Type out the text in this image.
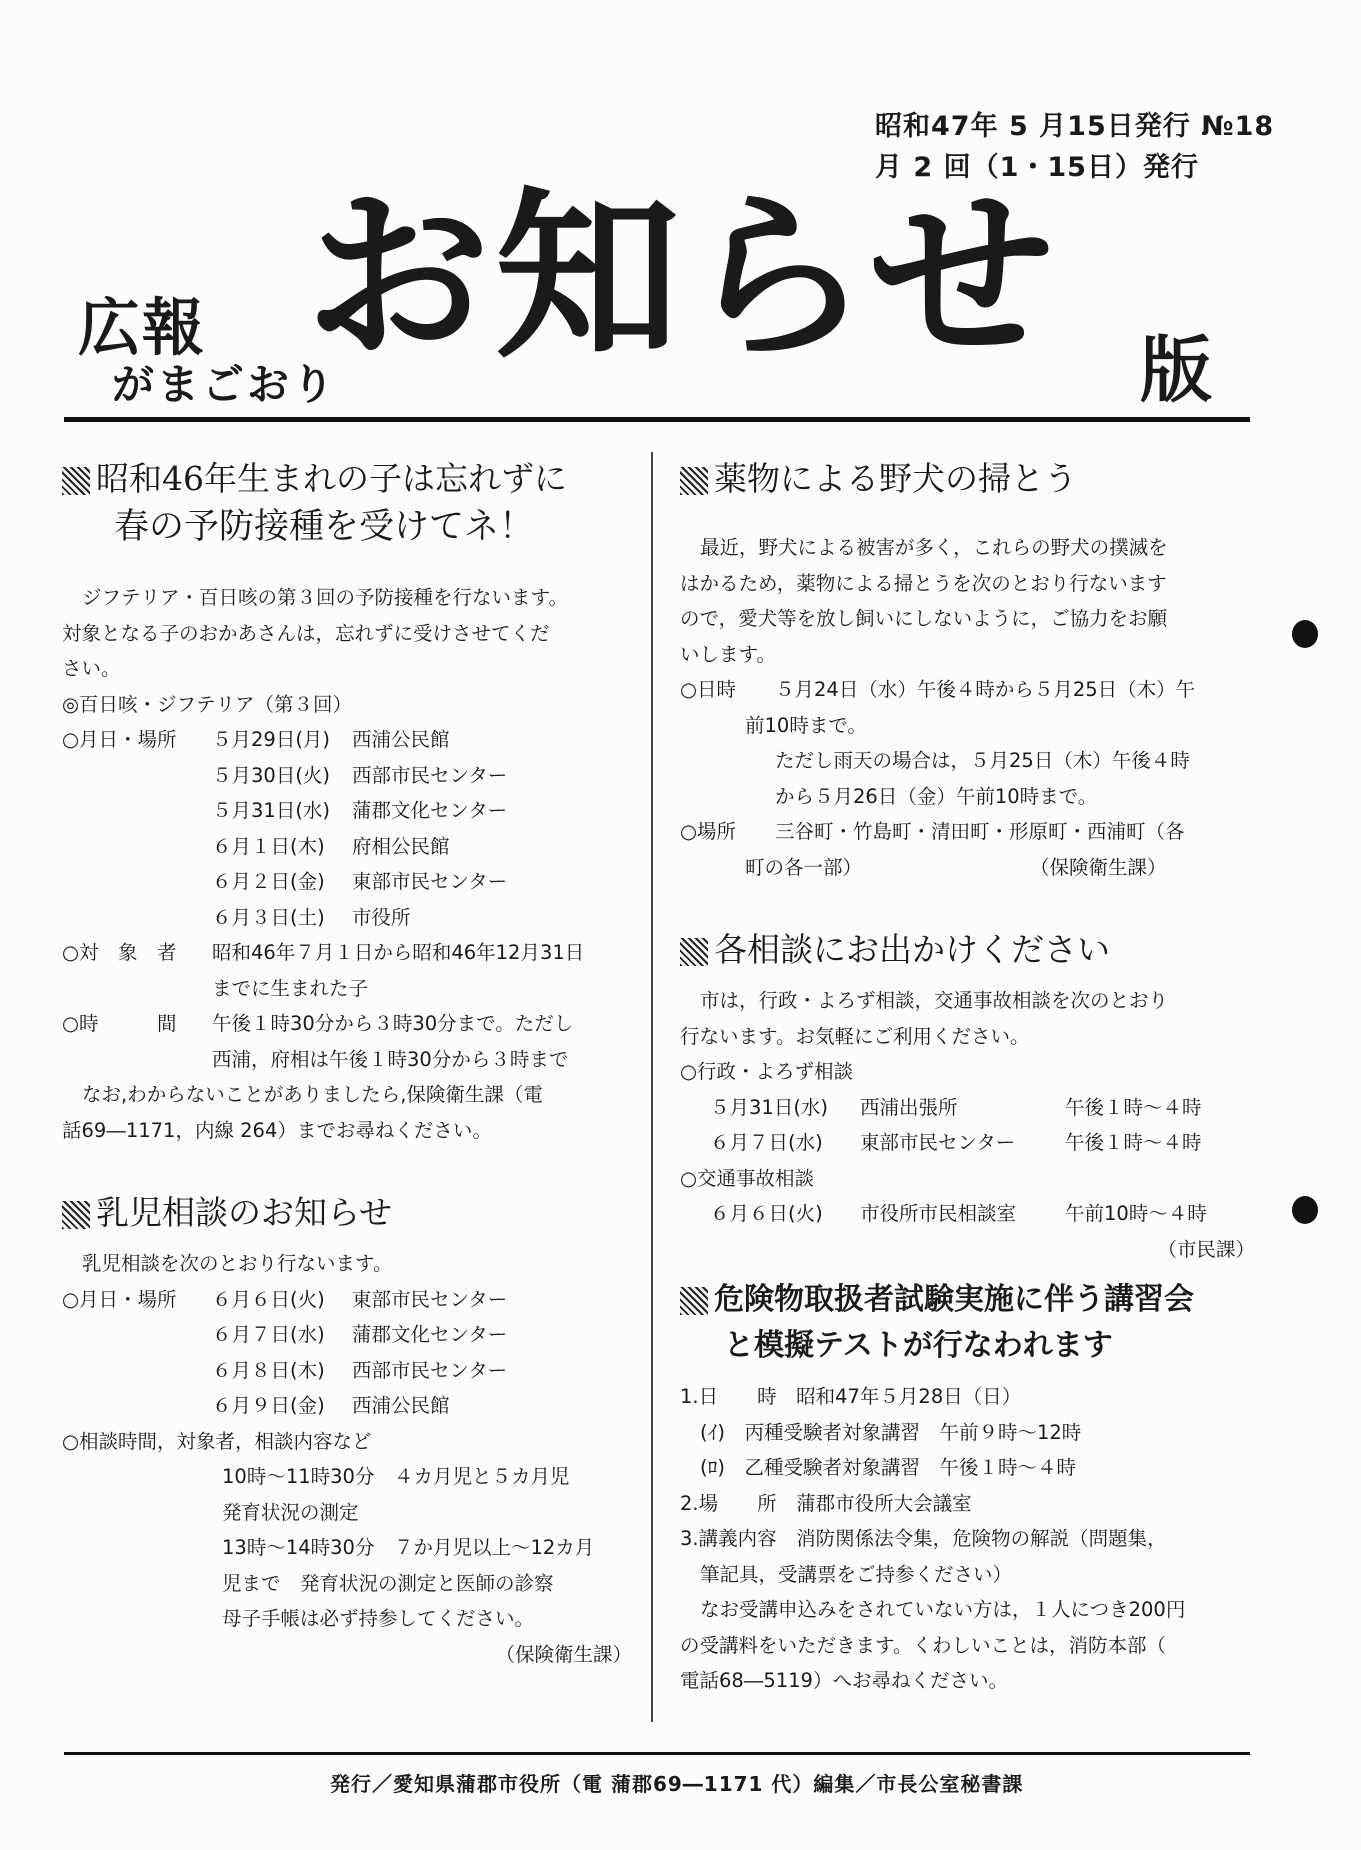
昭和47年 5 月15日発行 №18
月 2 回（1・15日）発行
広報
がまごおり
お知らせ 版
昭和46年生まれの子は忘れずに
春の予防接種を受けてネ！
ジフテリア・百日咳の第３回の予防接種を行ないます。
対象となる子のおかあさんは，忘れずに受けさせてくだ
さい。
◎百日咳・ジフテリア（第３回）
○月日・場所	５月29日(月)	西浦公民館
５月30日(火)	西部市民センター
５月31日(水)	蒲郡文化センター
６月１日(木)	府相公民館
６月２日(金)	東部市民センター
６月３日(土)	市役所
○対　象　者	昭和46年７月１日から昭和46年12月31日
までに生まれた子
○時　　　間	午後１時30分から３時30分まで。ただし
西浦，府相は午後１時30分から３時まで
なお,わからないことがありましたら,保険衛生課（電
話69―1171，内線 264）までお尋ねください。
乳児相談のお知らせ
乳児相談を次のとおり行ないます。
○月日・場所	６月６日(火)	東部市民センター
６月７日(水)	蒲郡文化センター
６月８日(木)	西部市民センター
６月９日(金)	西浦公民館
○相談時間，対象者，相談内容など
10時～11時30分　４カ月児と５カ月児
発育状況の測定
13時～14時30分　７か月児以上～12カ月
児まで　発育状況の測定と医師の診察
母子手帳は必ず持参してください。
（保険衛生課）
薬物による野犬の掃とう
最近，野犬による被害が多く，これらの野犬の撲滅を
はかるため，薬物による掃とうを次のとおり行ないます
ので，愛犬等を放し飼いにしないように，ご協力をお願
いします。
○日時	５月24日（水）午後４時から５月25日（木）午
前10時まで。
ただし雨天の場合は，５月25日（木）午後４時
から５月26日（金）午前10時まで。
○場所	三谷町・竹島町・清田町・形原町・西浦町（各
町の各一部）	（保険衛生課）
各相談にお出かけください
市は，行政・よろず相談，交通事故相談を次のとおり
行ないます。お気軽にご利用ください。
○行政・よろず相談
５月31日(水)	西浦出張所	午後１時～４時
６月７日(水)	東部市民センター	午後１時～４時
○交通事故相談
６月６日(火)	市役所市民相談室	午前10時～４時
（市民課）
危険物取扱者試験実施に伴う講習会
と模擬テストが行なわれます
1.日　　時　昭和47年５月28日（日）
(ｲ)　丙種受験者対象講習　午前９時～12時
(ﾛ)　乙種受験者対象講習　午後１時～４時
2.場　　所　蒲郡市役所大会議室
3.講義内容　消防関係法令集，危険物の解説（問題集，
筆記具，受講票をご持参ください）
なお受講申込みをされていない方は，１人につき200円
の受講料をいただきます。くわしいことは，消防本部（
電話68―5119）へお尋ねください。
発行／愛知県蒲郡市役所（電 蒲郡69―1171 代）編集／市長公室秘書課
